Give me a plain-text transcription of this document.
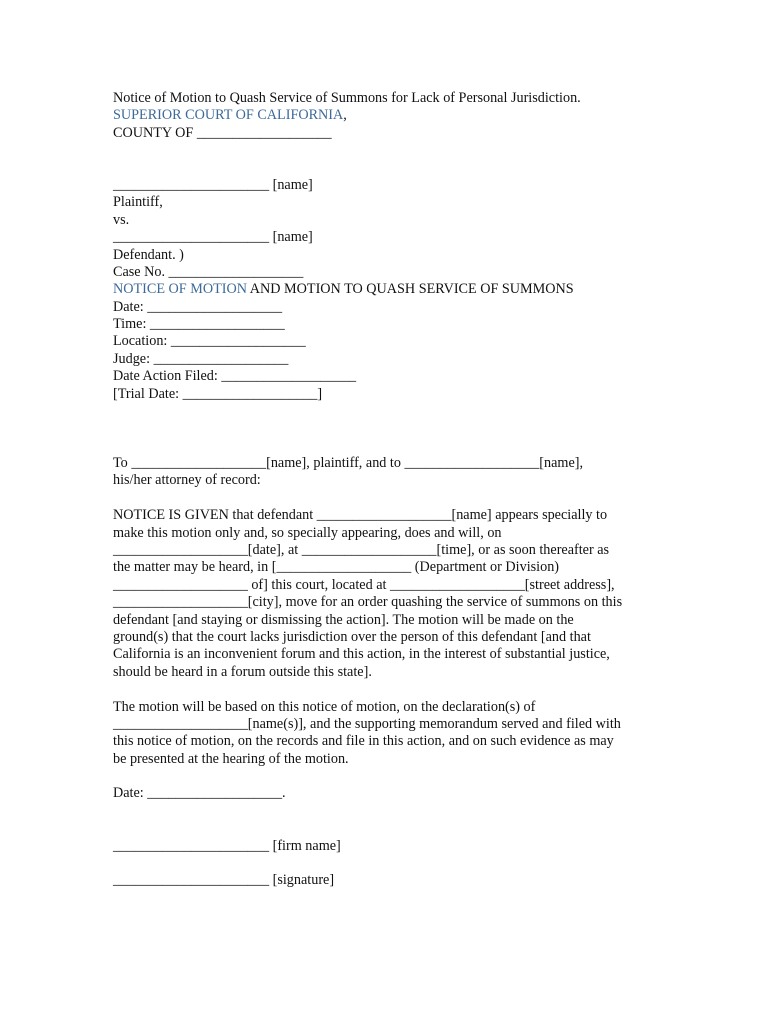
Notice of Motion to Quash Service of Summons for Lack of Personal Jurisdiction.
SUPERIOR COURT OF CALIFORNIA,
COUNTY OF ___________________
______________________ [name]
Plaintiff,
vs.
______________________ [name]
Defendant. )
Case No. ___________________
NOTICE OF MOTION AND MOTION TO QUASH SERVICE OF SUMMONS
Date: ___________________
Time: ___________________
Location: ___________________
Judge: ___________________
Date Action Filed: ___________________
[Trial Date: ___________________]
To ___________________[name], plaintiff, and to ___________________[name],
his/her attorney of record:
NOTICE IS GIVEN that defendant ___________________[name] appears specially to
make this motion only and, so specially appearing, does and will, on
___________________[date], at ___________________[time], or as soon thereafter as
the matter may be heard, in [___________________ (Department or Division)
___________________ of] this court, located at ___________________[street address],
___________________[city], move for an order quashing the service of summons on this
defendant [and staying or dismissing the action]. The motion will be made on the
ground(s) that the court lacks jurisdiction over the person of this defendant [and that
California is an inconvenient forum and this action, in the interest of substantial justice,
should be heard in a forum outside this state].
The motion will be based on this notice of motion, on the declaration(s) of
___________________[name(s)], and the supporting memorandum served and filed with
this notice of motion, on the records and file in this action, and on such evidence as may
be presented at the hearing of the motion.
Date: ___________________.
______________________ [firm name]
______________________ [signature]
